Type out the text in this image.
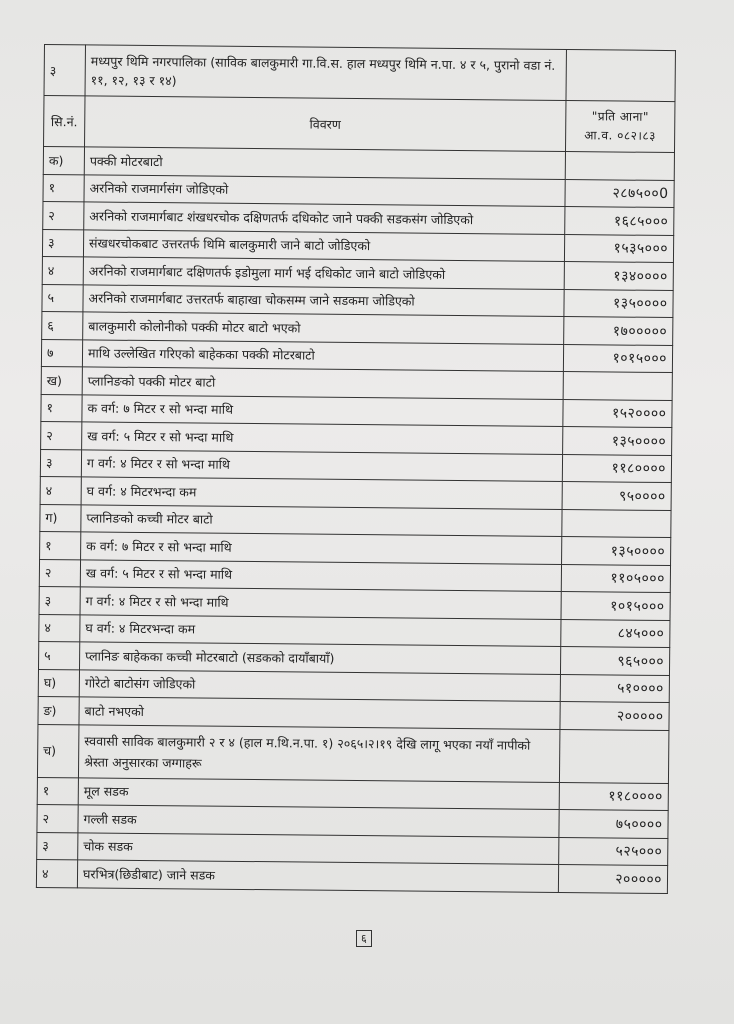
३	मध्यपुर थिमि नगरपालिका (साविक बालकुमारी गा.वि.स. हाल मध्यपुर थिमि न.पा. ४ र ५, पुरानो वडा नं. ११, १२, १३ र १४)	
सि.नं.	विवरण	"प्रति आना"
आ.व. ०८२।८३

क)	पक्की मोटरबाटो	
१	अरनिको राजमार्गसंग जोडिएको	२८७५००0
२	अरनिको राजमार्गबाट शंखधरचोक दक्षिणतर्फ दधिकोट जाने पक्की सडकसंग जोडिएको	१६८५०००
३	संखधरचोकबाट उत्तरतर्फ थिमि बालकुमारी जाने बाटो जोडिएको	१५३५०००
४	अरनिको राजमार्गबाट दक्षिणतर्फ इडोमुला मार्ग भई दधिकोट जाने बाटो जोडिएको	१३४००००
५	अरनिको राजमार्गबाट उत्तरतर्फ बाहाखा चोकसम्म जाने सडकमा जोडिएको	१३५००००
६	बालकुमारी कोलोनीको पक्की मोटर बाटो भएको	१७०००००
७	माथि उल्लेखित गरिएको बाहेकका पक्की मोटरबाटो	१०१५०००
ख)	प्लानिङको पक्की मोटर बाटो	
१	क वर्ग: ७ मिटर र सो भन्दा माथि	१५२००००
२	ख वर्ग: ५ मिटर र सो भन्दा माथि	१३५००००
३	ग वर्ग: ४ मिटर र सो भन्दा माथि	११८००००
४	घ वर्ग: ४ मिटरभन्दा कम	९५००००
ग)	प्लानिङको कच्ची मोटर बाटो	
१	क वर्ग: ७ मिटर र सो भन्दा माथि	१३५००००
२	ख वर्ग: ५ मिटर र सो भन्दा माथि	११०५०००
३	ग वर्ग: ४ मिटर र सो भन्दा माथि	१०१५०००
४	घ वर्ग: ४ मिटरभन्दा कम	८४५०००
५	प्लानिङ बाहेकका कच्ची मोटरबाटो (सडकको दायाँबायाँ)	९६५०००
घ)	गोरेटो बाटोसंग जोडिएको	५१००००
ङ)	बाटो नभएको	२०००००
च)	स्ववासी साविक बालकुमारी २ र ४ (हाल म.थि.न.पा. १) २०६५।२।१९ देखि लागू भएका नयाँ नापीको श्रेस्ता अनुसारका जग्गाहरू	
१	मूल सडक	११८००००
२	गल्ली सडक	७५००००
३	चोक सडक	५२५०००
४	घरभित्र(छिडीबाट) जाने सडक	२०००००
६
